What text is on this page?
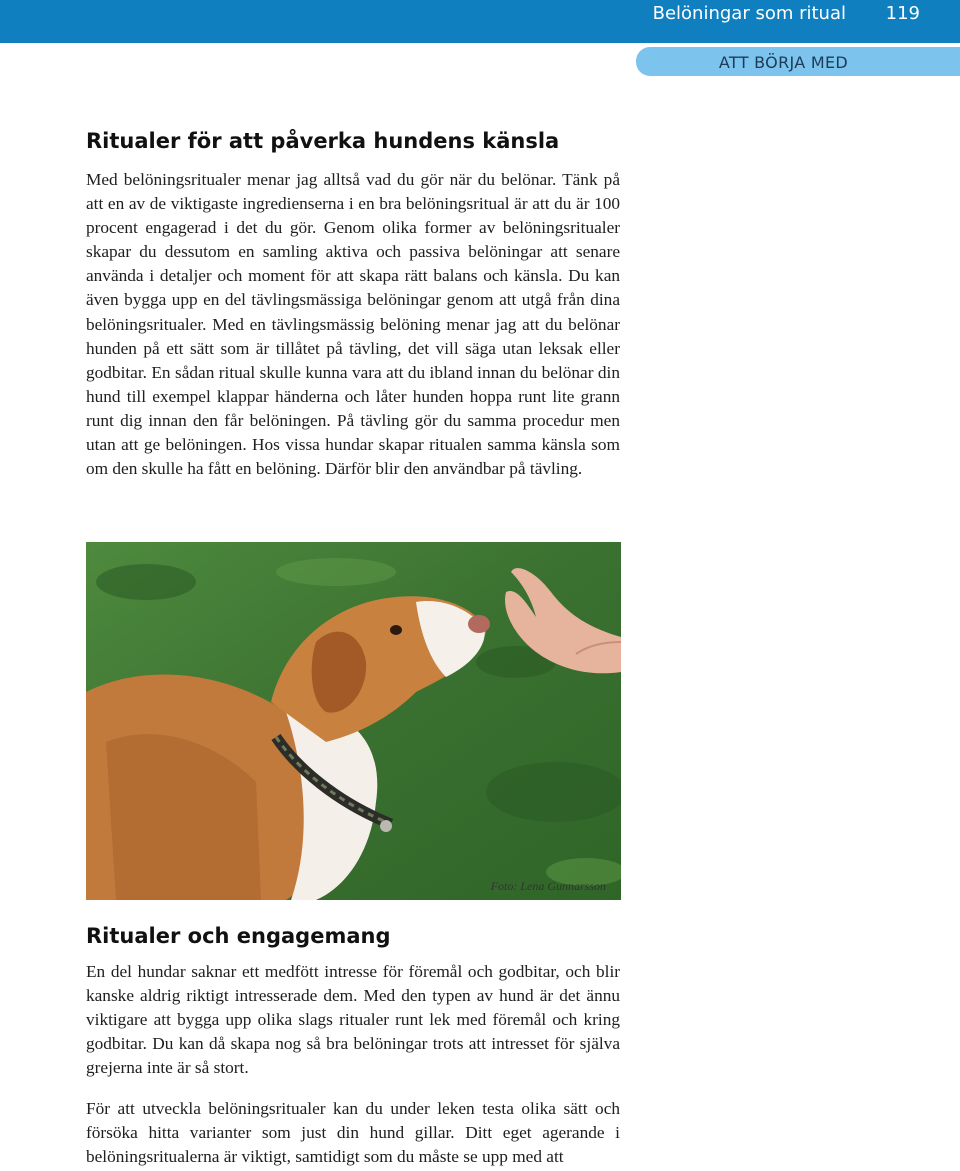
Belöningar som ritual 119
ATT BÖRJA MED
Ritualer för att påverka hundens känsla

Med belöningsritualer menar jag alltså vad du gör när du belönar. Tänk på att en av de viktigaste ingredienserna i en bra belöningsritual är att du är 100 procent engagerad i det du gör. Genom olika former av belöningsritualer skapar du dessutom en samling aktiva och passiva belöningar att senare använda i detaljer och moment för att skapa rätt balans och känsla. Du kan även bygga upp en del tävlingsmässiga belöningar genom att utgå från dina belöningsritualer. Med en tävlingsmässig belöning menar jag att du belönar hunden på ett sätt som är tillåtet på tävling, det vill säga utan leksak eller godbitar. En sådan ritual skulle kunna vara att du ibland innan du belönar din hund till exempel klappar händerna och låter hunden hoppa runt lite grann runt dig innan den får belöningen. På tävling gör du samma procedur men utan att ge belöningen. Hos vissa hundar skapar ritualen samma känsla som om den skulle ha fått en belöning. Därför blir den användbar på tävling.

Foto: Lena Gunnarsson
Ritualer och engagemang

En del hundar saknar ett medfött intresse för föremål och godbitar, och blir kanske aldrig riktigt intresserade dem. Med den typen av hund är det ännu viktigare att bygga upp olika slags ritualer runt lek med föremål och kring godbitar. Du kan då skapa nog så bra belöningar trots att intresset för själva grejerna inte är så stort.

För att utveckla belöningsritualer kan du under leken testa olika sätt och försöka hitta varianter som just din hund gillar. Ditt eget agerande i belöningsritualerna är viktigt, samtidigt som du måste se upp med att
